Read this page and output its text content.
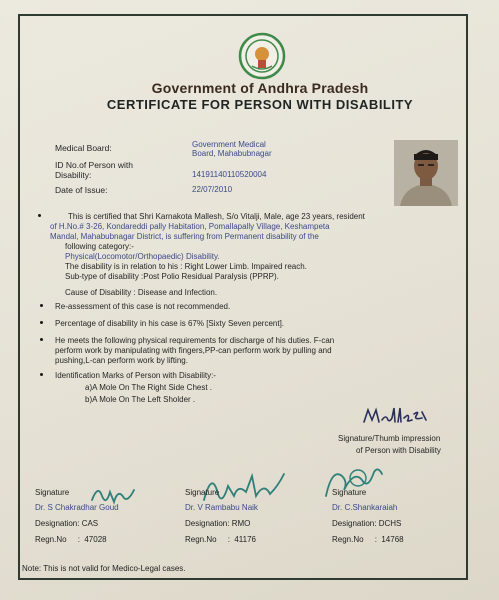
Government of Andhra Pradesh
CERTIFICATE FOR PERSON WITH DISABILITY
Medical Board:	Government Medical
Board, Mahabubnagar
ID No.of Person with
Disability:	14191140110520004
Date of Issue:	22/07/2010
This is certified that Shri Karnakota Mallesh, S/o Vitalji, Male, age 23 years, resident
of H.No.# 3-26, Kondareddi pally Habitation, Pomallapally Village, Keshampeta
Mandal, Mahabubnagar District, is suffering from Permanent disability of the
following category:-
Physical(Locomotor/Orthopaedic) Disability.
The disability is in relation to his : Right Lower Limb. Impaired reach.
Sub-type of disability :Post Polio Residual Paralysis (PPRP).
Cause of Disability : Disease and Infection.
Re-assessment of this case is not recommended.
Percentage of disability in his case is 67% [Sixty Seven percent].
He meets the following physical requirements for discharge of his duties. F-can
perform work by manipulating with fingers,PP-can perform work by pulling and
pushing,L-can perform work by lifting.
Identification Marks of Person with Disability:-
a)A Mole On The Right Side Chest .
b)A Mole On The Left Sholder .
Signature/Thumb impression
of Person with Disability
Signature
Dr. S Chakradhar Goud
Designation: CAS
Regn.No     :  47028
Signature
Dr. V Rambabu Naik
Designation: RMO
Regn.No     :  41176
Signature
Dr. C.Shankaraiah
Designation: DCHS
Regn.No     :  14768
Note: This is not valid for Medico-Legal cases.
